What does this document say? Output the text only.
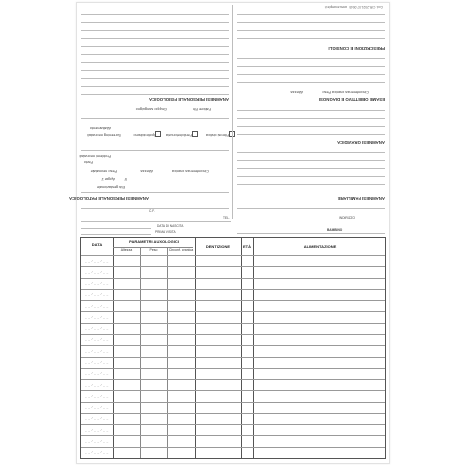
Cod. CIR-2021.07.0045
www.example.it
PRESCRIZIONI E CONSIGLI
ESAME OBIETTIVO E DIAGNOSI
Altezza	Peso Circonferenza cranica
ANAMNESI PERSONALE FISIOLOGICA
Gruppo sanguigno	Fattore Rh
Allattamento
Screening neonatali	Ipotiroidismo	Fenilchetonuria	Fibrosi cistica
ANAMNESI GRAVIDICA
Problemi neonatali
Parto
Peso neonatale	Altezza	Circonferenza cranica
Apgar 1' 5'
Età gestazionale
ANAMNESI PERSONALE PATOLOGICA	ANAMNESI FAMILIARE
BAMBINO
INDIRIZZO
TEL.
DATA DI NASCITA
PRIMA VISITA
C.F.
DATA
PARAMETRI AUXOLOGICI
Altezza	Peso	Circonf. cranica
DENTIZIONE	ETÀ	ALIMENTAZIONE
_ _ / _ _ / _ _
_ _ / _ _ / _ _
_ _ / _ _ / _ _
_ _ / _ _ / _ _
_ _ / _ _ / _ _
_ _ / _ _ / _ _
_ _ / _ _ / _ _
_ _ / _ _ / _ _
_ _ / _ _ / _ _
_ _ / _ _ / _ _
_ _ / _ _ / _ _
_ _ / _ _ / _ _
_ _ / _ _ / _ _
_ _ / _ _ / _ _
_ _ / _ _ / _ _
_ _ / _ _ / _ _
_ _ / _ _ / _ _
_ _ / _ _ / _ _
